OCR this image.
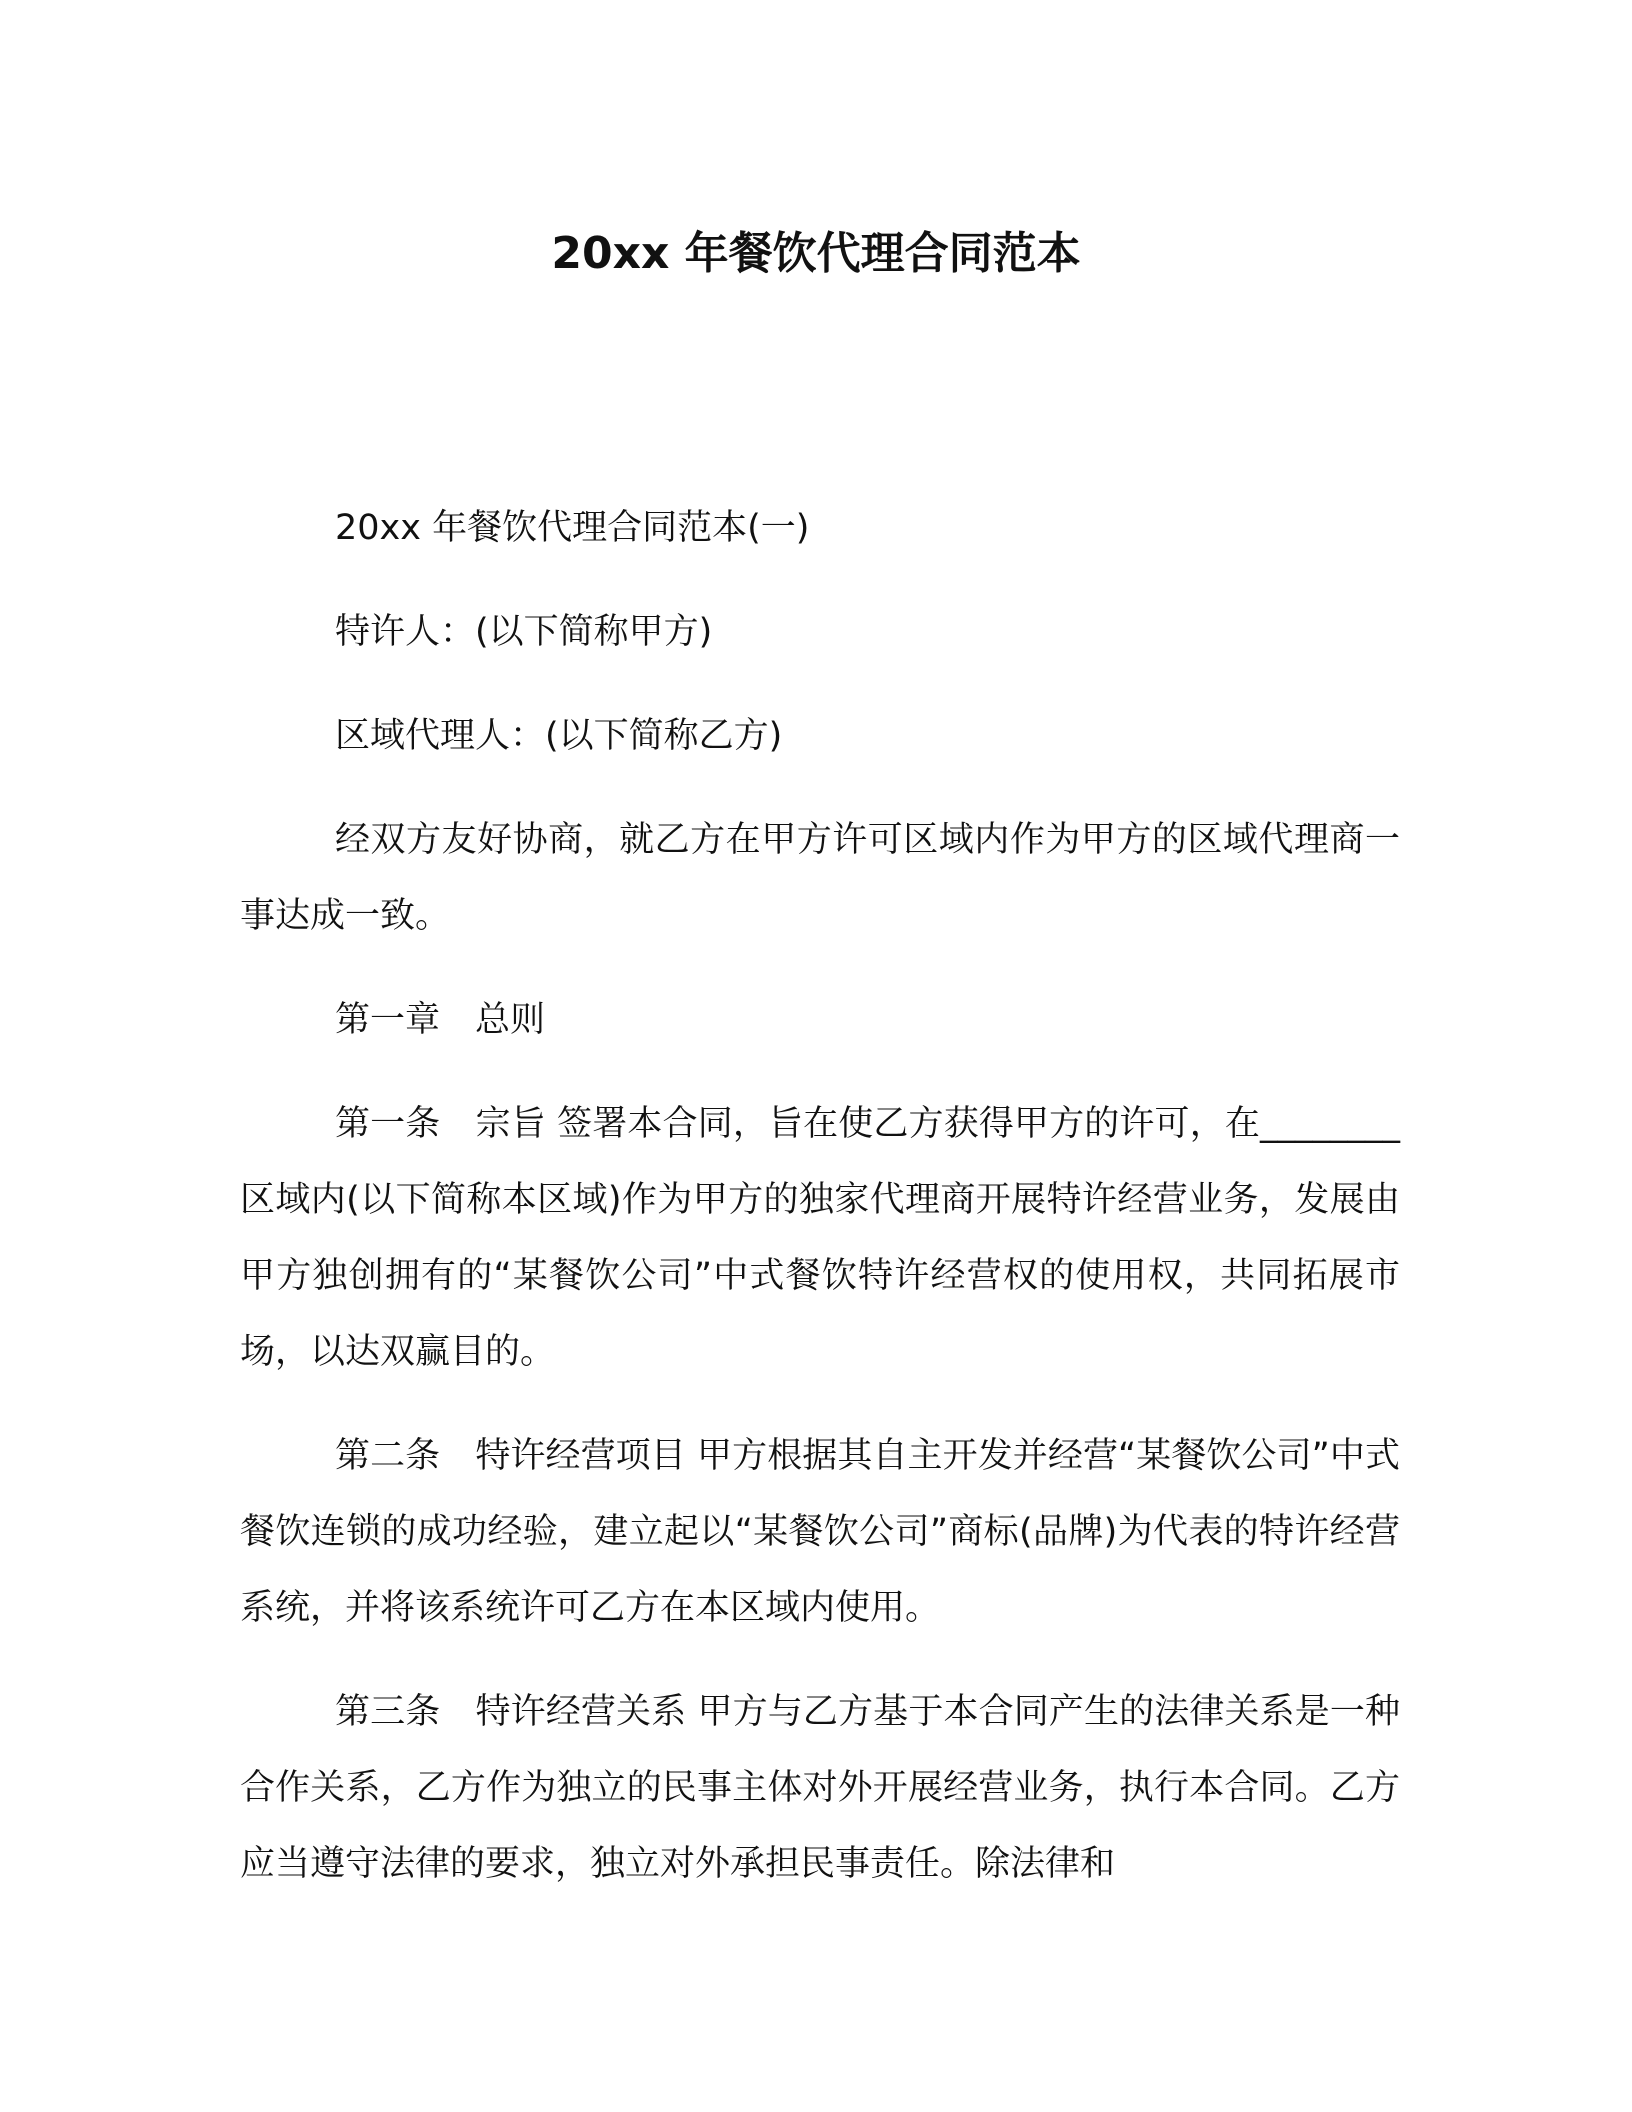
20xx 年餐饮代理合同范本

20xx 年餐饮代理合同范本(一)

特许人：(以下简称甲方)

区域代理人：(以下简称乙方)

经双方友好协商，就乙方在甲方许可区域内作为甲方的区域代理商一事达成一致。

第一章　总则

第一条　宗旨 签署本合同，旨在使乙方获得甲方的许可，在________区域内(以下简称本区域)作为甲方的独家代理商开展特许经营业务，发展由甲方独创拥有的“某餐饮公司”中式餐饮特许经营权的使用权，共同拓展市场，以达双赢目的。

第二条　特许经营项目 甲方根据其自主开发并经营“某餐饮公司”中式餐饮连锁的成功经验，建立起以“某餐饮公司”商标(品牌)为代表的特许经营系统，并将该系统许可乙方在本区域内使用。

第三条　特许经营关系 甲方与乙方基于本合同产生的法律关系是一种合作关系，乙方作为独立的民事主体对外开展经营业务，执行本合同。乙方应当遵守法律的要求，独立对外承担民事责任。除法律和
